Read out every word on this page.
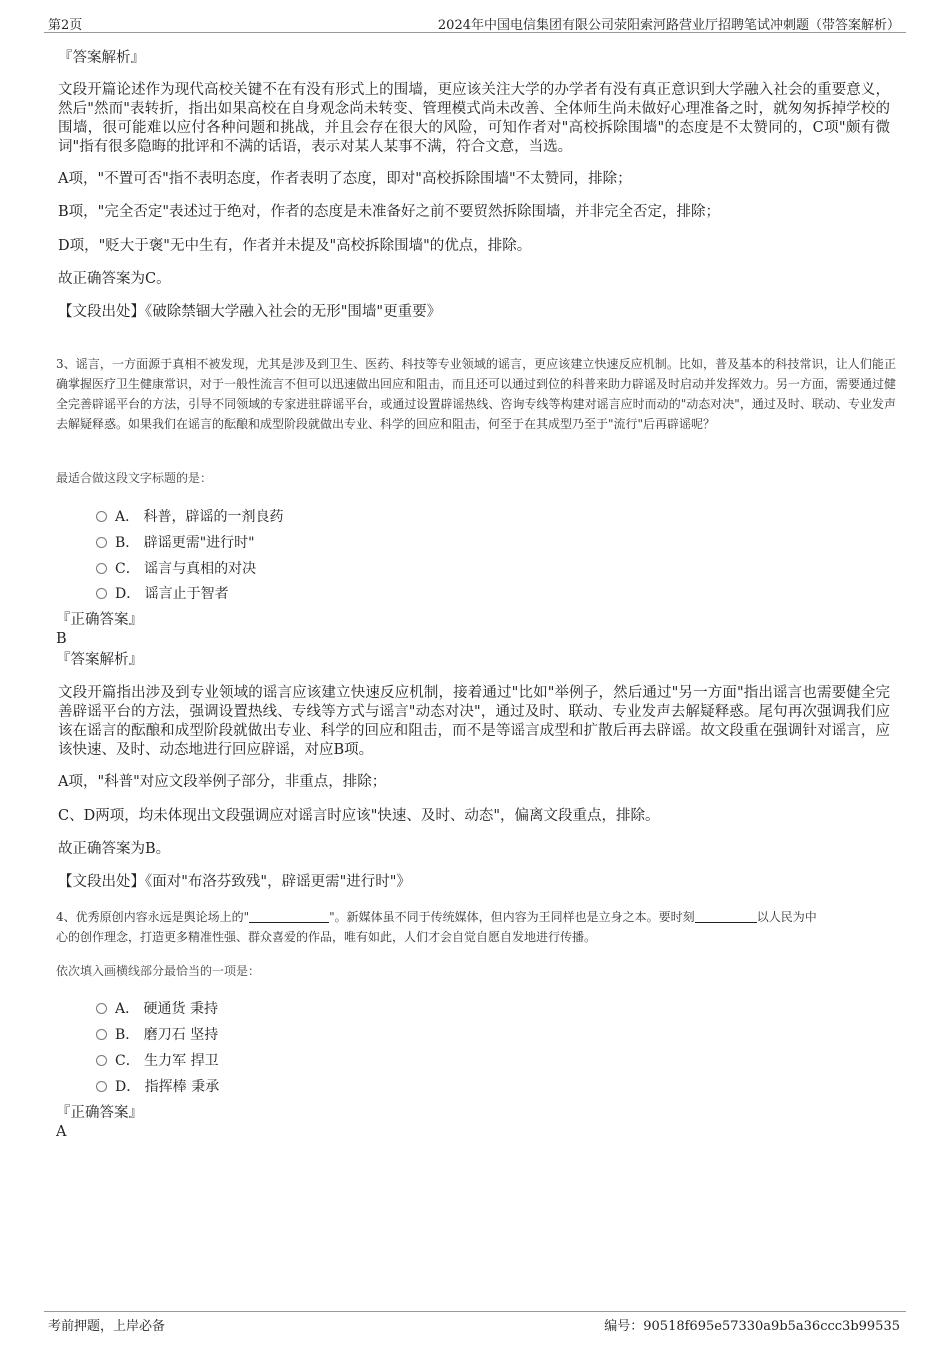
第2页	2024年中国电信集团有限公司荥阳索河路营业厅招聘笔试冲刺题（带答案解析）
『答案解析』
文段开篇论述作为现代高校关键不在有没有形式上的围墙，更应该关注大学的办学者有没有真正意识到大学融入社会的重要意义，然后"然而"表转折，指出如果高校在自身观念尚未转变、管理模式尚未改善、全体师生尚未做好心理准备之时，就匆匆拆掉学校的围墙，很可能难以应付各种问题和挑战，并且会存在很大的风险，可知作者对"高校拆除围墙"的态度是不太赞同的，C项"颇有微词"指有很多隐晦的批评和不满的话语，表示对某人某事不满，符合文意，当选。
A项，"不置可否"指不表明态度，作者表明了态度，即对"高校拆除围墙"不太赞同，排除；
B项，"完全否定"表述过于绝对，作者的态度是未准备好之前不要贸然拆除围墙，并非完全否定，排除；
D项，"贬大于褒"无中生有，作者并未提及"高校拆除围墙"的优点，排除。
故正确答案为C。
【文段出处】《破除禁锢大学融入社会的无形"围墙"更重要》
3、谣言，一方面源于真相不被发现，尤其是涉及到卫生、医药、科技等专业领域的谣言，更应该建立快速反应机制。比如，普及基本的科技常识，让人们能正确掌握医疗卫生健康常识，对于一般性流言不但可以迅速做出回应和阻击，而且还可以通过到位的科普来助力辟谣及时启动并发挥效力。另一方面，需要通过健全完善辟谣平台的方法，引导不同领域的专家进驻辟谣平台，或通过设置辟谣热线、咨询专线等构建对谣言应时而动的"动态对决"，通过及时、联动、专业发声去解疑释惑。如果我们在谣言的酝酿和成型阶段就做出专业、科学的回应和阻击，何至于在其成型乃至于"流行"后再辟谣呢？
最适合做这段文字标题的是：
A． 科普，辟谣的一剂良药
B． 辟谣更需"进行时"
C． 谣言与真相的对决
D． 谣言止于智者
『正确答案』
B
『答案解析』
文段开篇指出涉及到专业领域的谣言应该建立快速反应机制，接着通过"比如"举例子，然后通过"另一方面"指出谣言也需要健全完善辟谣平台的方法，强调设置热线、专线等方式与谣言"动态对决"，通过及时、联动、专业发声去解疑释惑。尾句再次强调我们应该在谣言的酝酿和成型阶段就做出专业、科学的回应和阻击，而不是等谣言成型和扩散后再去辟谣。故文段重在强调针对谣言，应该快速、及时、动态地进行回应辟谣，对应B项。
A项，"科普"对应文段举例子部分，非重点，排除；
C、D两项，均未体现出文段强调应对谣言时应该"快速、及时、动态"，偏离文段重点，排除。
故正确答案为B。
【文段出处】《面对"布洛芬致残"，辟谣更需"进行时"》

4、优秀原创内容永远是舆论场上的"	"。新媒体虽不同于传统媒体，但内容为王同样也是立身之本。要时刻	以人民为中

心的创作理念，打造更多精准性强、群众喜爱的作品，唯有如此，人们才会自觉自愿自发地进行传播。

依次填入画横线部分最恰当的一项是：
A． 硬通货 秉持
B． 磨刀石 坚持
C． 生力军 捍卫
D． 指挥棒 秉承
『正确答案』
A
考前押题，上岸必备	编号：90518f695e57330a9b5a36ccc3b99535
